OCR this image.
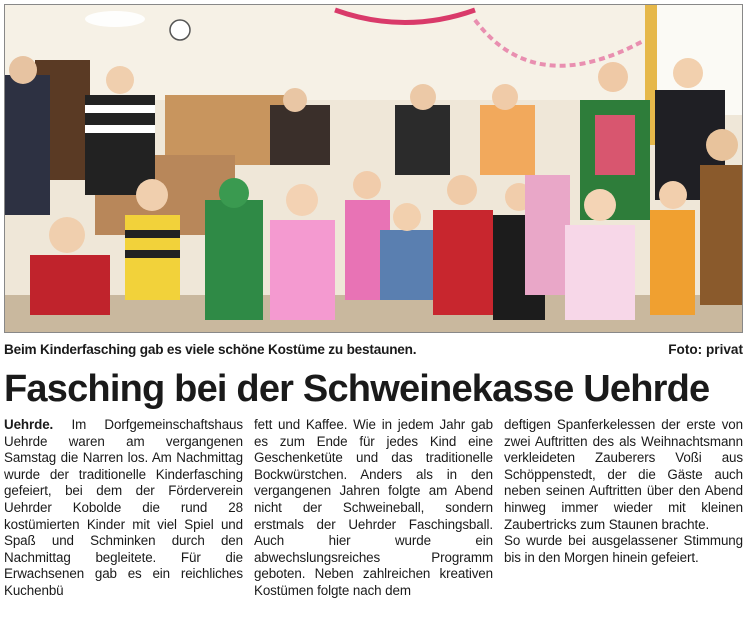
Beim Kinderfasching gab es viele schöne Kostüme zu bestaunen.	Foto: privat
Fasching bei der Schweinekasse Uehrde

Uehrde. Im Dorfgemeinschaftshaus Uehrde waren am vergangenen Samstag die Narren los. Am Nachmittag wurde der traditionelle Kinderfasching gefeiert, bei dem der Förderverein Uehrder Kobolde die rund 28 kostümierten Kinder mit viel Spiel und Spaß und Schminken durch den Nachmittag begleitete. Für die Erwachsenen gab es ein reichliches Kuchenbü

fett und Kaffee. Wie in jedem Jahr gab es zum Ende für jedes Kind eine Geschenketüte und das traditionelle Bockwürstchen. Anders als in den vergangenen Jahren folgte am Abend nicht der Schweineball, sondern erstmals der Uehrder Faschingsball. Auch hier wurde ein abwechslungsreiches Programm geboten. Neben zahlreichen kreativen Kostümen folgte nach dem

deftigen Spanferkelessen der erste von zwei Auftritten des als Weihnachtsmann verkleideten Zauberers Voßi aus Schöppenstedt, der die Gäste auch neben seinen Auftritten über den Abend hinweg immer wieder mit kleinen Zaubertricks zum Staunen brachte.

So wurde bei ausgelassener Stimmung bis in den Morgen hinein gefeiert.
